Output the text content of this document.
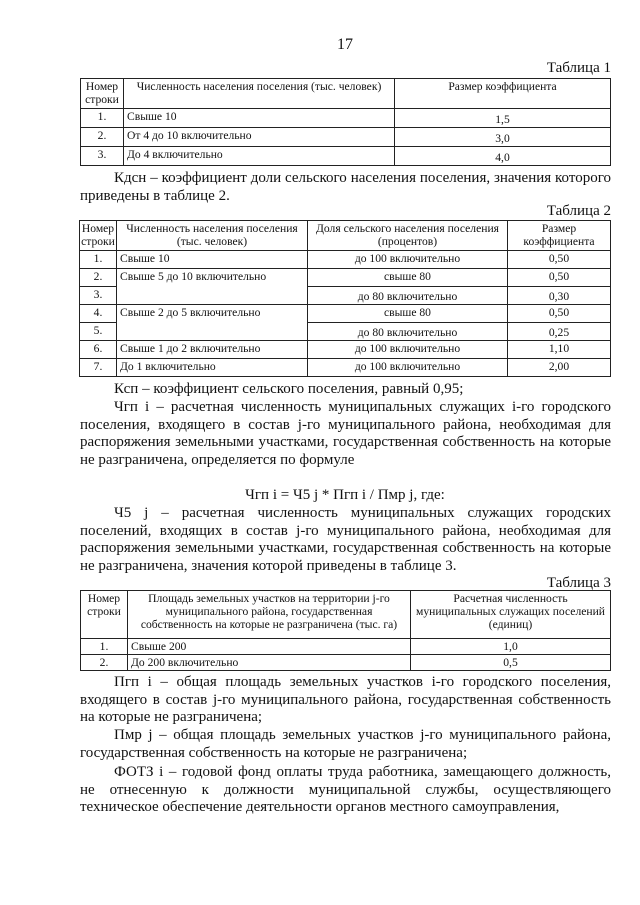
17
Таблица 1
Номер строки	Численность населения поселения (тыс. человек)	Размер коэффициента
1.	Свыше 10	1,5
2.	От 4 до 10 включительно	3,0
3.	До 4 включительно	4,0
Кдсн – коэффициент доли сельского населения поселения, значения которого приведены в таблице 2.
Таблица 2
Номер строки	Численность населения поселения (тыс. человек)	Доля сельского населения поселения (процентов)	Размер коэффициента
1.	Свыше 10	до 100 включительно	0,50
2.	Свыше 5 до 10 включительно	свыше 80	0,50
3.		до 80 включительно	0,30
4.	Свыше 2 до 5 включительно	свыше 80	0,50
5.		до 80 включительно	0,25
6.	Свыше 1 до 2 включительно	до 100 включительно	1,10
7.	До 1 включительно	до 100 включительно	2,00
Ксп – коэффициент сельского поселения, равный 0,95;
Чгп i – расчетная численность муниципальных служащих i-го городского поселения, входящего в состав j-го муниципального района, необходимая для распоряжения земельными участками, государственная собственность на которые не разграничена, определяется по формуле
Чгп i = Ч5 j * Пгп i / Пмр j, где:
Ч5 j – расчетная численность муниципальных служащих городских поселений, входящих в состав j-го муниципального района, необходимая для распоряжения земельными участками, государственная собственность на которые не разграничена, значения которой приведены в таблице 3.
Таблица 3
Номер строки	Площадь земельных участков на территории j-го муниципального района, государственная собственность на которые не разграничена (тыс. га)	Расчетная численность муниципальных служащих поселений (единиц)
1.	Свыше 200	1,0
2.	До 200 включительно	0,5
Пгп i – общая площадь земельных участков i-го городского поселения, входящего в состав j-го муниципального района, государственная собственность на которые не разграничена;
Пмр j – общая площадь земельных участков j-го муниципального района, государственная собственность на которые не разграничена;
ФОТЗ i – годовой фонд оплаты труда работника, замещающего должность, не отнесенную к должности муниципальной службы, осуществляющего техническое обеспечение деятельности органов местного самоуправления,
